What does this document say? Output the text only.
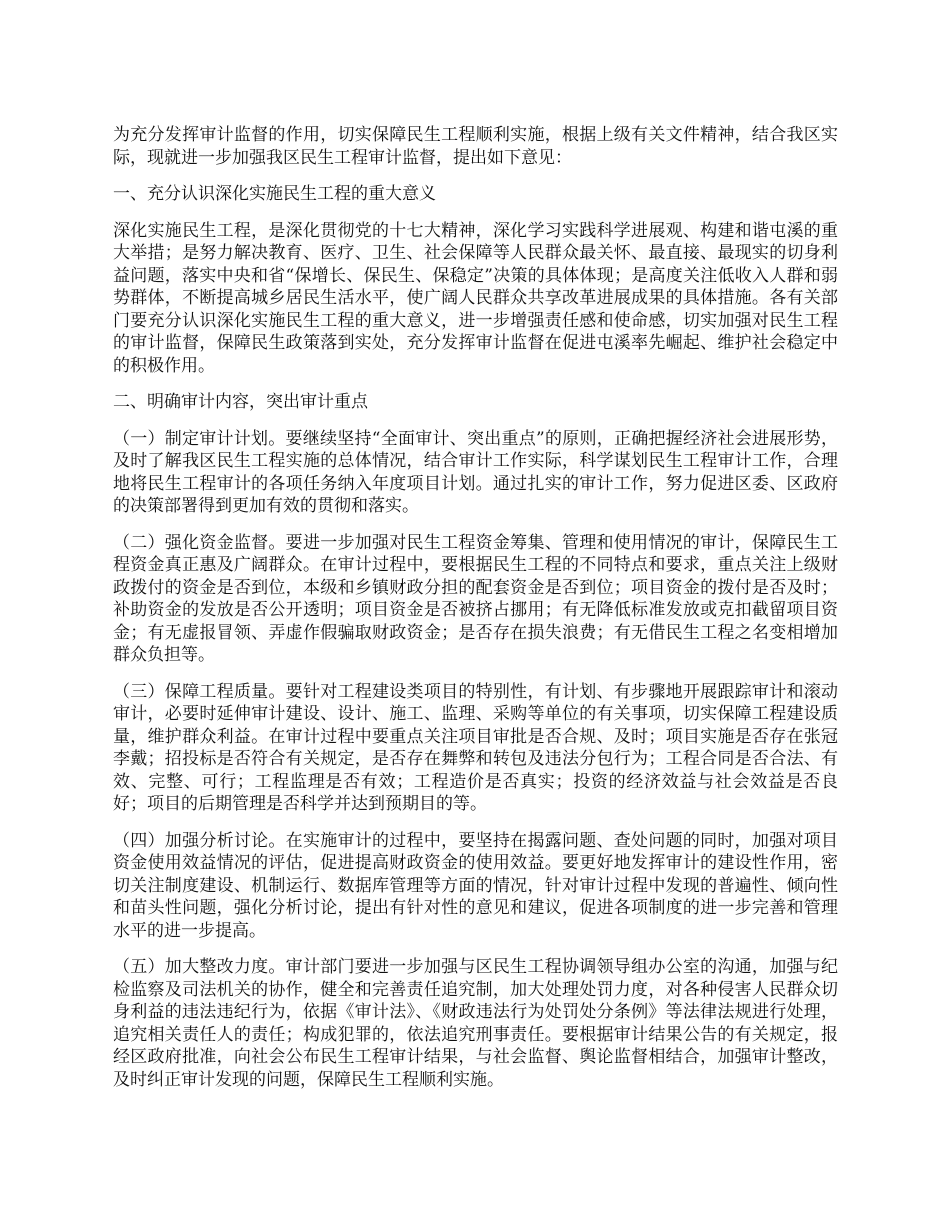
为充分发挥审计监督的作用，切实保障民生工程顺利实施，根据上级有关文件精神，结合我区实际，现就进一步加强我区民生工程审计监督，提出如下意见：

一、充分认识深化实施民生工程的重大意义

深化实施民生工程，是深化贯彻党的十七大精神，深化学习实践科学进展观、构建和谐屯溪的重大举措；是努力解决教育、医疗、卫生、社会保障等人民群众最关怀、最直接、最现实的切身利益问题，落实中央和省“保增长、保民生、保稳定”决策的具体体现；是高度关注低收入人群和弱势群体，不断提高城乡居民生活水平，使广阔人民群众共享改革进展成果的具体措施。各有关部门要充分认识深化实施民生工程的重大意义，进一步增强责任感和使命感，切实加强对民生工程的审计监督，保障民生政策落到实处，充分发挥审计监督在促进屯溪率先崛起、维护社会稳定中的积极作用。

二、明确审计内容，突出审计重点

（一）制定审计计划。要继续坚持“全面审计、突出重点”的原则，正确把握经济社会进展形势，及时了解我区民生工程实施的总体情况，结合审计工作实际，科学谋划民生工程审计工作，合理地将民生工程审计的各项任务纳入年度项目计划。通过扎实的审计工作，努力促进区委、区政府的决策部署得到更加有效的贯彻和落实。

（二）强化资金监督。要进一步加强对民生工程资金筹集、管理和使用情况的审计，保障民生工程资金真正惠及广阔群众。在审计过程中，要根据民生工程的不同特点和要求，重点关注上级财政拨付的资金是否到位，本级和乡镇财政分担的配套资金是否到位；项目资金的拨付是否及时；补助资金的发放是否公开透明；项目资金是否被挤占挪用；有无降低标准发放或克扣截留项目资金；有无虚报冒领、弄虚作假骗取财政资金；是否存在损失浪费；有无借民生工程之名变相增加群众负担等。

（三）保障工程质量。要针对工程建设类项目的特别性，有计划、有步骤地开展跟踪审计和滚动审计，必要时延伸审计建设、设计、施工、监理、采购等单位的有关事项，切实保障工程建设质量，维护群众利益。在审计过程中要重点关注项目审批是否合规、及时；项目实施是否存在张冠李戴；招投标是否符合有关规定，是否存在舞弊和转包及违法分包行为；工程合同是否合法、有效、完整、可行；工程监理是否有效；工程造价是否真实；投资的经济效益与社会效益是否良好；项目的后期管理是否科学并达到预期目的等。

（四）加强分析讨论。在实施审计的过程中，要坚持在揭露问题、查处问题的同时，加强对项目资金使用效益情况的评估，促进提高财政资金的使用效益。要更好地发挥审计的建设性作用，密切关注制度建设、机制运行、数据库管理等方面的情况，针对审计过程中发现的普遍性、倾向性和苗头性问题，强化分析讨论，提出有针对性的意见和建议，促进各项制度的进一步完善和管理水平的进一步提高。

（五）加大整改力度。审计部门要进一步加强与区民生工程协调领导组办公室的沟通，加强与纪检监察及司法机关的协作，健全和完善责任追究制，加大处理处罚力度，对各种侵害人民群众切身利益的违法违纪行为，依据《审计法》、《财政违法行为处罚处分条例》等法律法规进行处理，追究相关责任人的责任；构成犯罪的，依法追究刑事责任。要根据审计结果公告的有关规定，报经区政府批准，向社会公布民生工程审计结果，与社会监督、舆论监督相结合，加强审计整改，及时纠正审计发现的问题，保障民生工程顺利实施。
